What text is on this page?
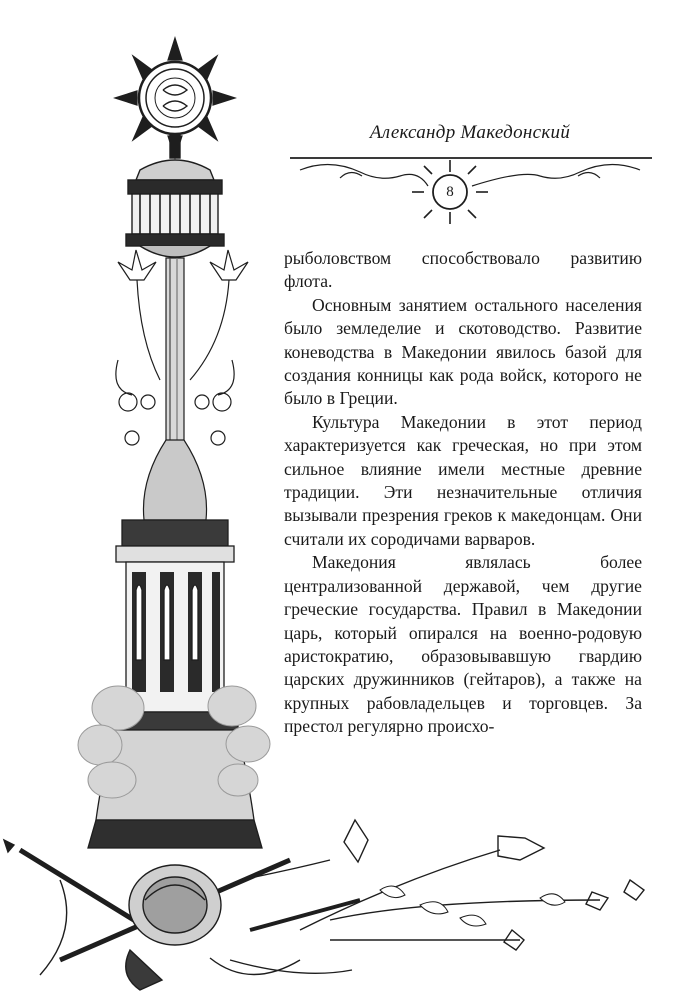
Александр Македонский
8

рыболовством способствовало развитию флота.

Основным занятием остального населения было земледелие и скотоводство. Развитие коневодства в Македонии явилось базой для создания конницы как рода войск, которого не было в Греции.

Культура Македонии в этот период характеризуется как греческая, но при этом сильное влияние имели местные древние традиции. Эти незначительные отличия вызывали презрения греков к македонцам. Они считали их сородичами варваров.

Македония являлась более централизованной державой, чем другие греческие государства. Правил в Македонии царь, который опирался на военно-родовую аристократию, образовывавшую гвардию царских дружинников (гейтаров), а также на крупных рабовладельцев и торговцев. За престол регулярно происхо-
